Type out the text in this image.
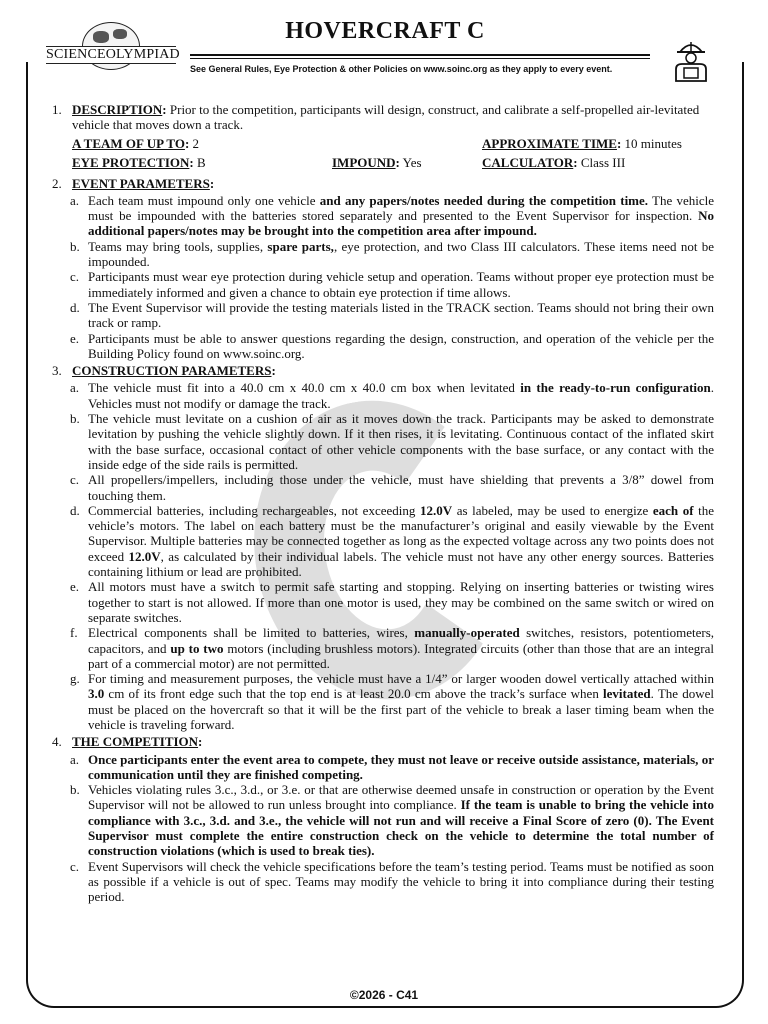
SCIENCEOLYMPIAD
HOVERCRAFT C
See General Rules, Eye Protection & other Policies on www.soinc.org as they apply to every event.
©2026 - C41
1. DESCRIPTION: Prior to the competition, participants will design, construct, and calibrate a self-propelled air-levitated vehicle that moves down a track.
A TEAM OF UP TO: 2	APPROXIMATE TIME: 10 minutes
EYE PROTECTION: B	IMPOUND: Yes	CALCULATOR: Class III
2. EVENT PARAMETERS:
a. Each team must impound only one vehicle and any papers/notes needed during the competition time. The vehicle must be impounded with the batteries stored separately and presented to the Event Supervisor for inspection. No additional papers/notes may be brought into the competition area after impound.
b. Teams may bring tools, supplies, spare parts,, eye protection, and two Class III calculators. These items need not be impounded.
c. Participants must wear eye protection during vehicle setup and operation. Teams without proper eye protection must be immediately informed and given a chance to obtain eye protection if time allows.
d. The Event Supervisor will provide the testing materials listed in the TRACK section. Teams should not bring their own track or ramp.
e. Participants must be able to answer questions regarding the design, construction, and operation of the vehicle per the Building Policy found on www.soinc.org.
3. CONSTRUCTION PARAMETERS:
a. The vehicle must fit into a 40.0 cm x 40.0 cm x 40.0 cm box when levitated in the ready-to-run configuration. Vehicles must not modify or damage the track.
b. The vehicle must levitate on a cushion of air as it moves down the track. Participants may be asked to demonstrate levitation by pushing the vehicle slightly down. If it then rises, it is levitating. Continuous contact of the inflated skirt with the base surface, occasional contact of other vehicle components with the base surface, or any contact with the inside edge of the side rails is permitted.
c. All propellers/impellers, including those under the vehicle, must have shielding that prevents a 3/8” dowel from touching them.
d. Commercial batteries, including rechargeables, not exceeding 12.0V as labeled, may be used to energize each of the vehicle’s motors. The label on each battery must be the manufacturer’s original and easily viewable by the Event Supervisor. Multiple batteries may be connected together as long as the expected voltage across any two points does not exceed 12.0V, as calculated by their individual labels. The vehicle must not have any other energy sources. Batteries containing lithium or lead are prohibited.
e. All motors must have a switch to permit safe starting and stopping. Relying on inserting batteries or twisting wires together to start is not allowed. If more than one motor is used, they may be combined on the same switch or wired on separate switches.
f. Electrical components shall be limited to batteries, wires, manually-operated switches, resistors, potentiometers, capacitors, and up to two motors (including brushless motors). Integrated circuits (other than those that are an integral part of a commercial motor) are not permitted.
g. For timing and measurement purposes, the vehicle must have a 1/4” or larger wooden dowel vertically attached within 3.0 cm of its front edge such that the top end is at least 20.0 cm above the track’s surface when levitated. The dowel must be placed on the hovercraft so that it will be the first part of the vehicle to break a laser timing beam when the vehicle is traveling forward.
4. THE COMPETITION:
a. Once participants enter the event area to compete, they must not leave or receive outside assistance, materials, or communication until they are finished competing.
b. Vehicles violating rules 3.c., 3.d., or 3.e. or that are otherwise deemed unsafe in construction or operation by the Event Supervisor will not be allowed to run unless brought into compliance. If the team is unable to bring the vehicle into compliance with 3.c., 3.d. and 3.e., the vehicle will not run and will receive a Final Score of zero (0). The Event Supervisor must complete the entire construction check on the vehicle to determine the total number of construction violations (which is used to break ties).
c. Event Supervisors will check the vehicle specifications before the team’s testing period. Teams must be notified as soon as possible if a vehicle is out of spec. Teams may modify the vehicle to bring it into compliance during their testing period.
